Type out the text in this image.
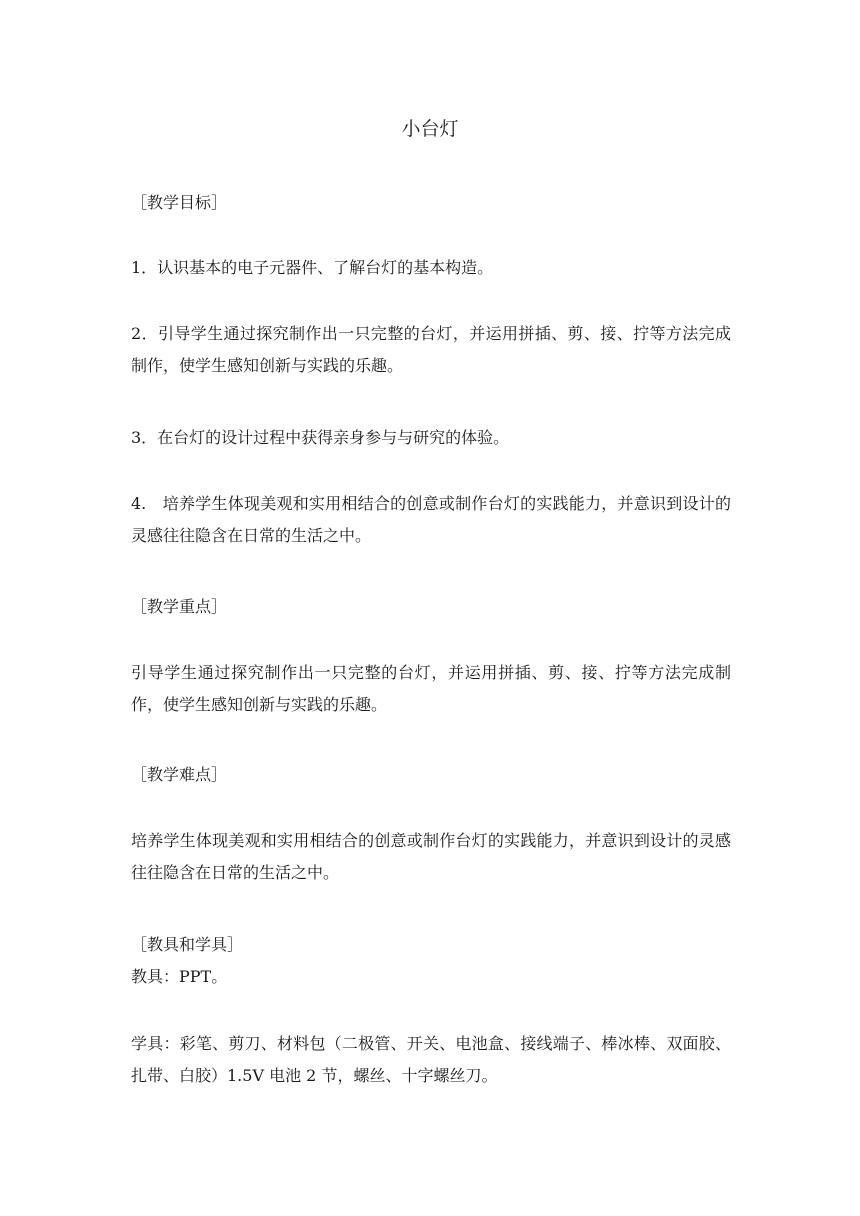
小台灯

［教学目标］

1．认识基本的电子元器件、了解台灯的基本构造。

2．引导学生通过探究制作出一只完整的台灯，并运用拼插、剪、接、拧等方法完成制作，使学生感知创新与实践的乐趣。

3．在台灯的设计过程中获得亲身参与与研究的体验。

4.　培养学生体现美观和实用相结合的创意或制作台灯的实践能力，并意识到设计的灵感往往隐含在日常的生活之中。

［教学重点］

引导学生通过探究制作出一只完整的台灯，并运用拼插、剪、接、拧等方法完成制作，使学生感知创新与实践的乐趣。

［教学难点］

培养学生体现美观和实用相结合的创意或制作台灯的实践能力，并意识到设计的灵感往往隐含在日常的生活之中。

［教具和学具］

教具：PPT。

学具：彩笔、剪刀、材料包（二极管、开关、电池盒、接线端子、棒冰棒、双面胶、扎带、白胶）1.5V 电池 2 节，螺丝、十字螺丝刀。
